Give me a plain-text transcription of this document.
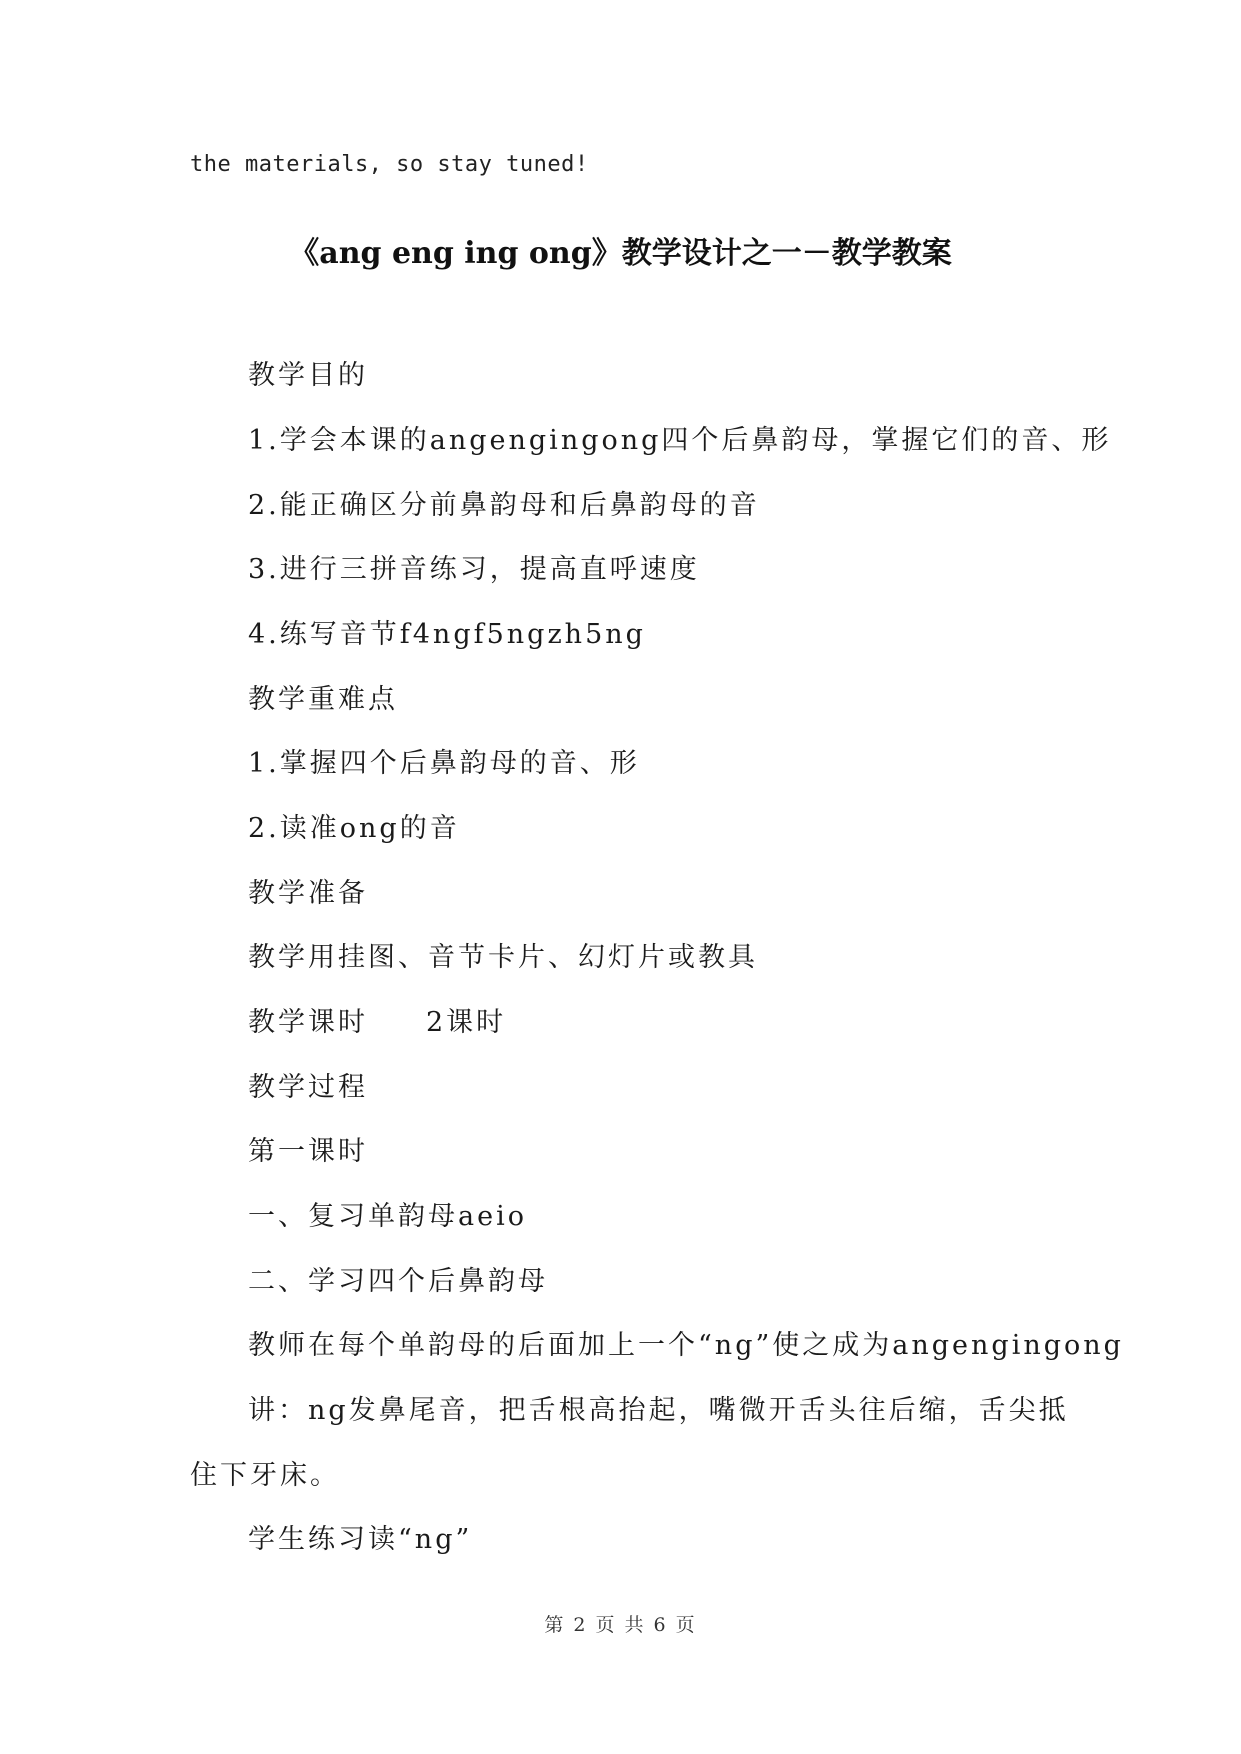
the materials, so stay tuned!
《ang eng ing ong》教学设计之一－教学教案
教学目的
1.学会本课的angengingong四个后鼻韵母，掌握它们的音、形
2.能正确区分前鼻韵母和后鼻韵母的音
3.进行三拼音练习，提高直呼速度
4.练写音节f4ngf5ngzh5ng
教学重难点
1.掌握四个后鼻韵母的音、形
2.读准ong的音
教学准备
教学用挂图、音节卡片、幻灯片或教具
教学课时 2课时
教学过程
第一课时
一、复习单韵母aeio
二、学习四个后鼻韵母
教师在每个单韵母的后面加上一个“ng”使之成为angengingong
讲：ng发鼻尾音，把舌根高抬起，嘴微开舌头往后缩，舌尖抵
住下牙床。
学生练习读“ng”
第 2 页 共 6 页
